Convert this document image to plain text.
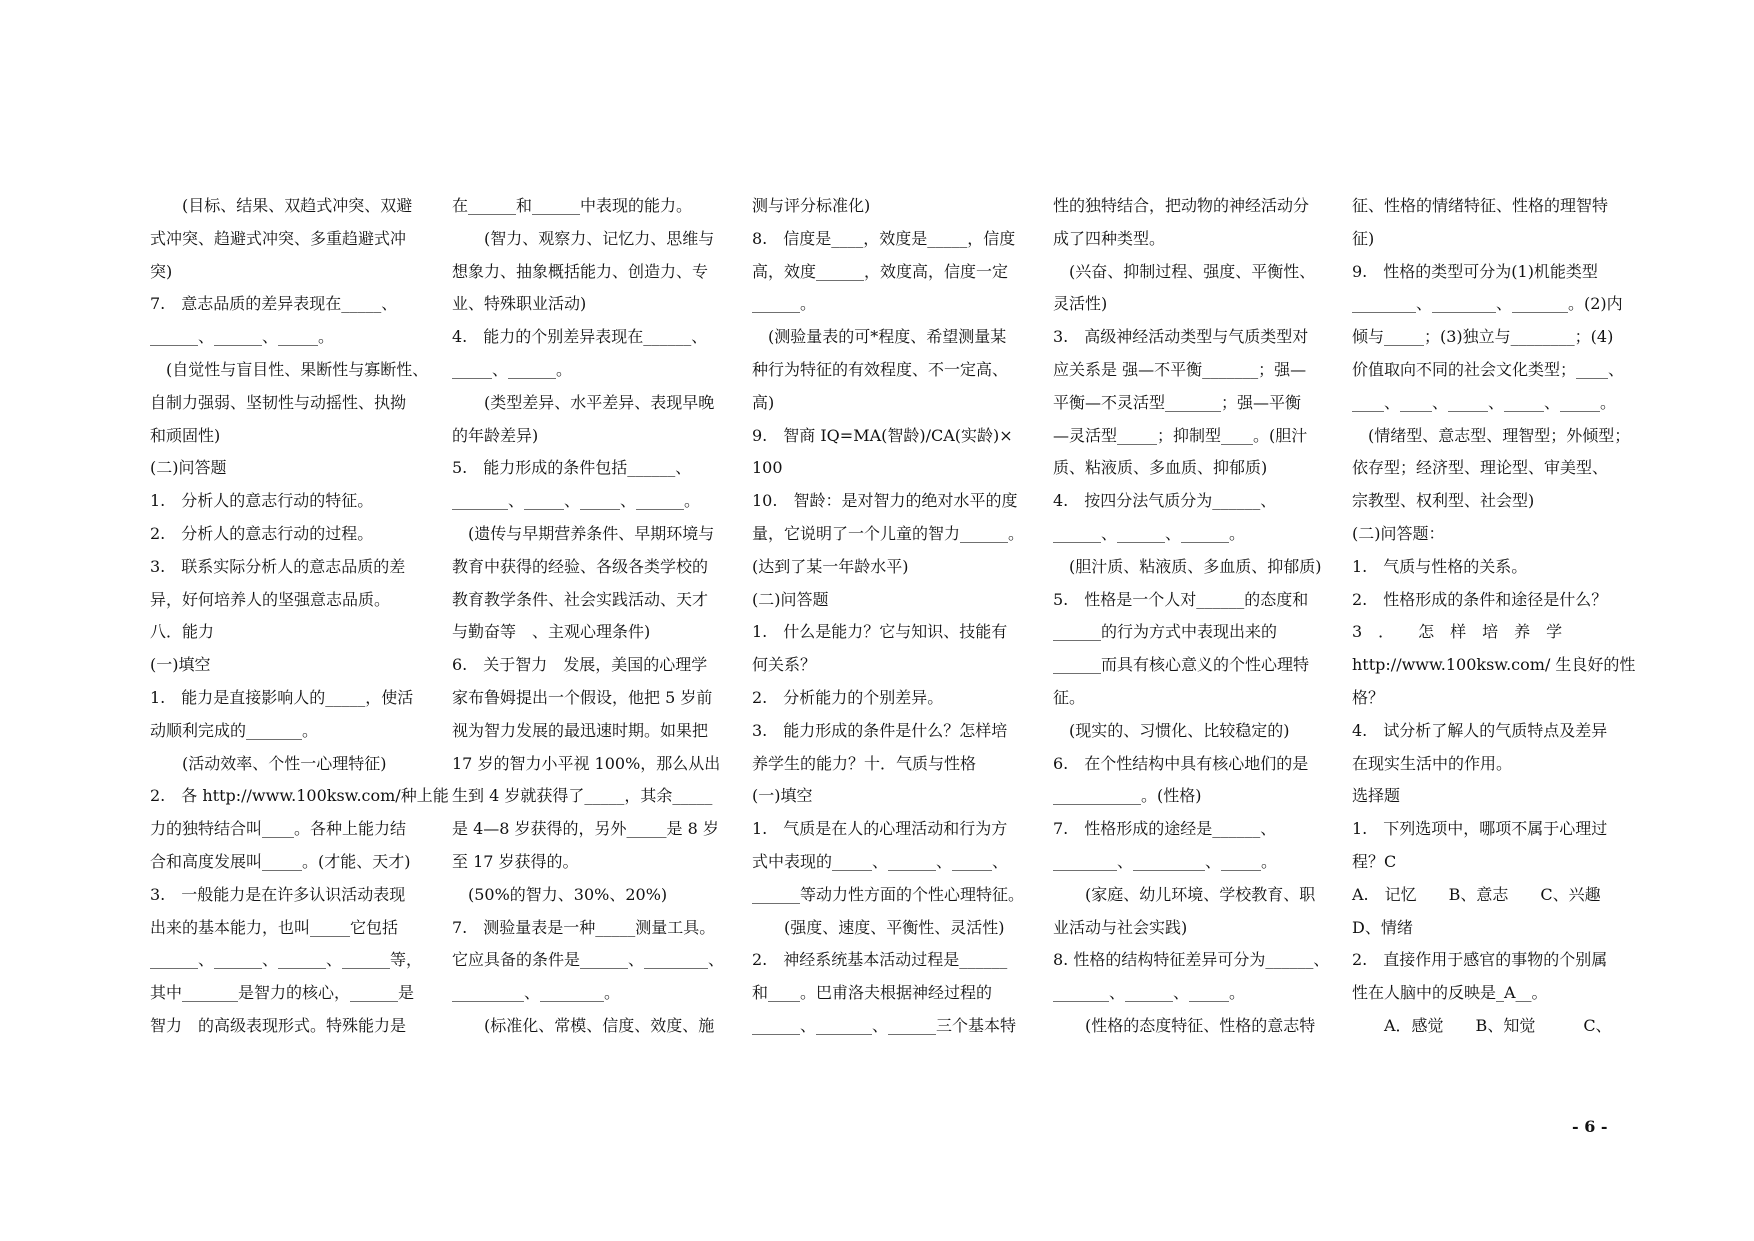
　　(目标、结果、双趋式冲突、双避
式冲突、趋避式冲突、多重趋避式冲
突)
7.　意志品质的差异表现在_____、
______、______、_____。
　(自觉性与盲目性、果断性与寡断性、
自制力强弱、坚韧性与动摇性、执拗
和顽固性)
(二)问答题
1.　分析人的意志行动的特征。
2.　分析人的意志行动的过程。
3.　联系实际分析人的意志品质的差
异，好何培养人的坚强意志品质。
八．能力
(一)填空
1.　能力是直接影响人的_____，使活
动顺利完成的_______。
　　(活动效率、个性一心理特征)
2.　各 http://www.100ksw.com/种上能
力的独特结合叫____。各种上能力结
合和高度发展叫_____。(才能、天才)
3.　一般能力是在许多认识活动表现
出来的基本能力，也叫_____它包括
______、______、______、______等，
其中_______是智力的核心，______是
智力　的高级表现形式。特殊能力是
在______和______中表现的能力。
　　(智力、观察力、记忆力、思维与
想象力、抽象概括能力、创造力、专
业、特殊职业活动)
4.　能力的个别差异表现在______、
_____、______。
　　(类型差异、水平差异、表现早晚
的年龄差异)
5.　能力形成的条件包括______、
_______、_____、_____、______。
　(遗传与早期营养条件、早期环境与
教育中获得的经验、各级各类学校的
教育教学条件、社会实践活动、天才
与勤奋等　、主观心理条件)
6.　关于智力　发展，美国的心理学
家布鲁姆提出一个假设，他把 5 岁前
视为智力发展的最迅速时期。如果把
17 岁的智力小平视 100%，那么从出
生到 4 岁就获得了_____，其余_____
是 4—8 岁获得的，另外_____是 8 岁
至 17 岁获得的。
　(50%的智力、30%、20%)
7.　测验量表是一种_____测量工具。
它应具备的条件是______、________、
_________、________。
　　(标准化、常模、信度、效度、施
测与评分标准化)
8.　信度是____，效度是_____，信度
高，效度______，效度高，信度一定
______。
　(测验量表的可*程度、希望测量某
种行为特征的有效程度、不一定高、
高)
9.　智商 IQ=MA(智龄)/CA(实龄)×
100
10.　智龄：是对智力的绝对水平的度
量，它说明了一个儿童的智力______。
(达到了某一年龄水平)
(二)问答题
1.　什么是能力？它与知识、技能有
何关系？
2.　分析能力的个别差异。
3.　能力形成的条件是什么？怎样培
养学生的能力？十．气质与性格
(一)填空
1.　气质是在人的心理活动和行为方
式中表现的_____、______、_____、
______等动力性方面的个性心理特征。
　　(强度、速度、平衡性、灵活性)
2.　神经系统基本活动过程是______
和____。巴甫洛夫根据神经过程的
______、_______、______三个基本特
性的独特结合，把动物的神经活动分
成了四种类型。
　(兴奋、抑制过程、强度、平衡性、
灵活性)
3.　高级神经活动类型与气质类型对
应关系是 强—不平衡_______；强—
平衡—不灵活型_______；强—平衡
—灵活型_____；抑制型____。(胆汁
质、粘液质、多血质、抑郁质)
4.　按四分法气质分为______、
______、______、______。
　(胆汁质、粘液质、多血质、抑郁质)
5.　性格是一个人对______的态度和
______的行为方式中表现出来的
______而具有核心意义的个性心理特
征。
　(现实的、习惯化、比较稳定的)
6.　在个性结构中具有核心地们的是
___________。(性格)
7.　性格形成的途经是______、
________、_________、_____。
　　(家庭、幼儿环境、学校教育、职
业活动与社会实践)
8. 性格的结构特征差异可分为______、
_______、______、_____。
　　(性格的态度特征、性格的意志特
征、性格的情绪特征、性格的理智特
征)
9.　性格的类型可分为(1)机能类型
________、________、_______。(2)内
倾与_____；(3)独立与________；(4)
价值取向不同的社会文化类型；____、
____、____、_____、_____、_____。
　(情绪型、意志型、理智型；外倾型；
依存型；经济型、理论型、审美型、
宗教型、权利型、社会型)
(二)问答题：
1.　气质与性格的关系。
2.　性格形成的条件和途径是什么？
3　．　　怎　样　培　养　学
http://www.100ksw.com/ 生良好的性
格？
4.　试分析了解人的气质特点及差异
在现实生活中的作用。
选择题
1.　下列选项中，哪项不属于心理过
程？C
A.　记忆　　B、意志　　C、兴趣
D、情绪
2.　直接作用于感官的事物的个别属
性在人脑中的反映是_A__。
　　A．感觉　　B、知觉　　　C、
- 6 -
